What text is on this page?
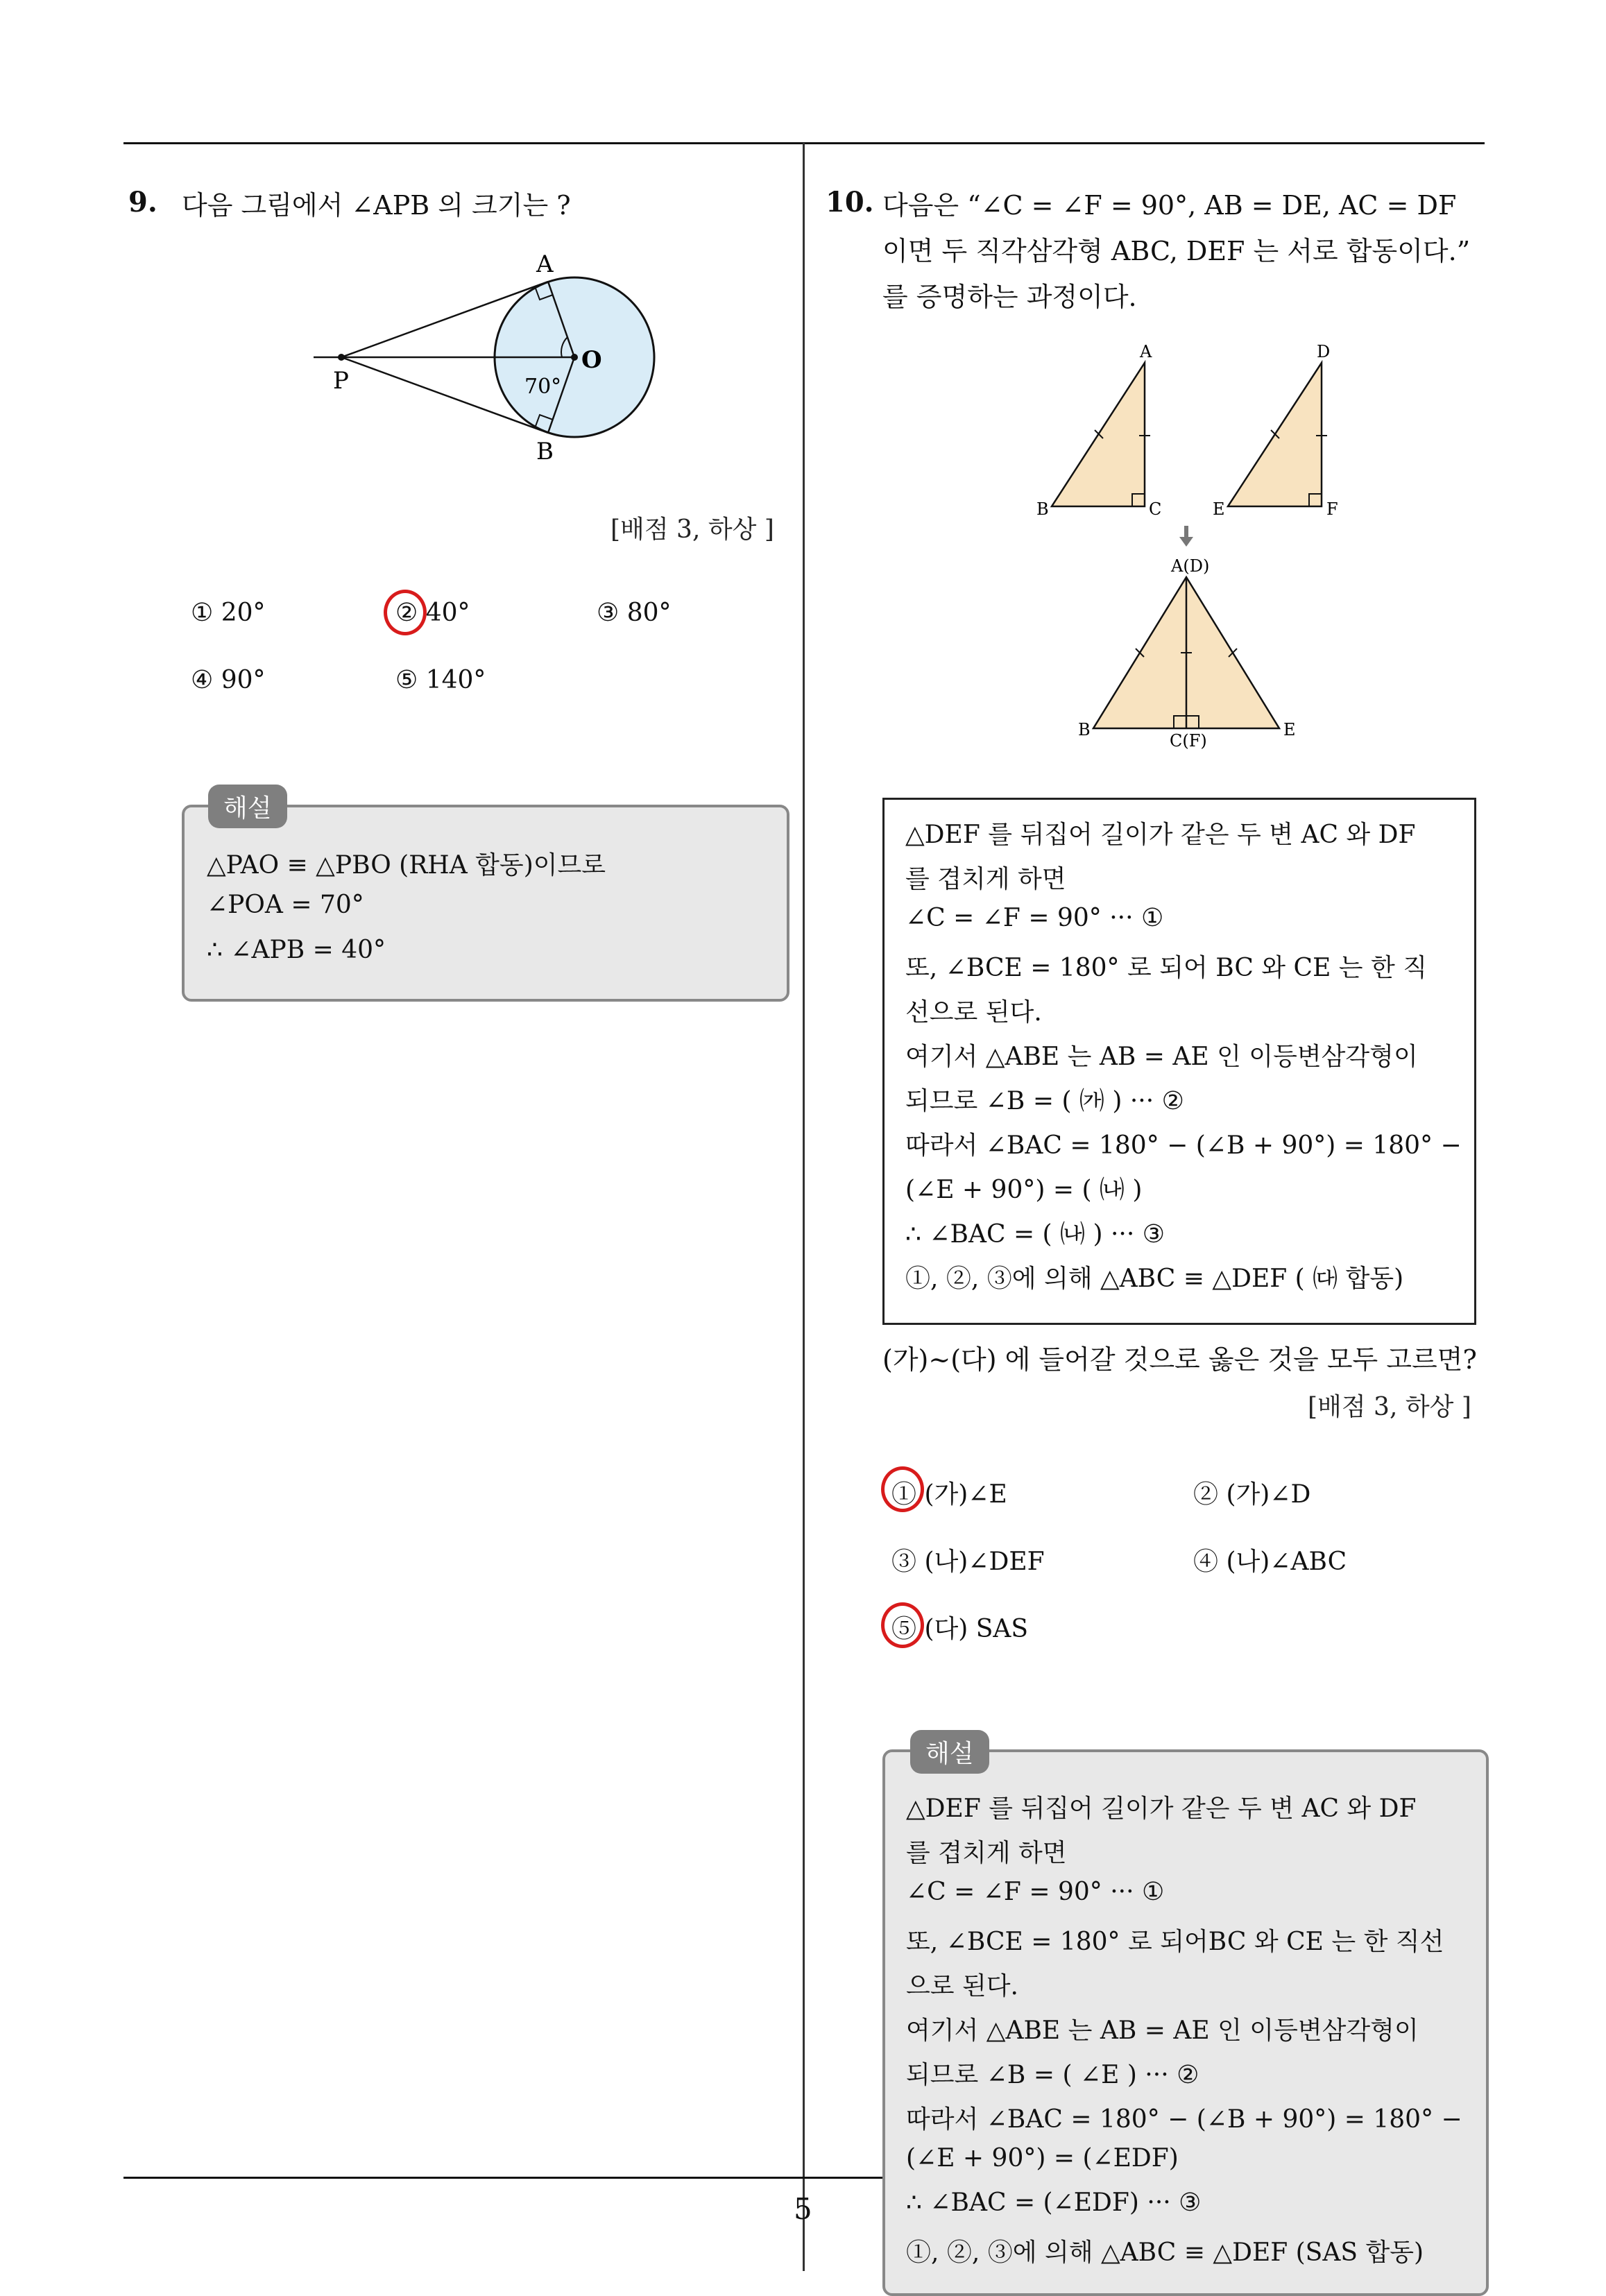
9. 다음 그림에서 ∠APB 의 크기는 ?
A
B
O
P	70°
[배점 3, 하상 ]
① 20°	② 40°	③ 80°
④ 90°	⑤ 140°
△PAO ≡ △PBO (RHA 합동)이므로
∠POA = 70°
∴ ∠APB = 40°
해설
10. 다음은 “∠C = ∠F = 90°, AB = DE, AC = DF
이면 두 직각삼각형 ABC, DEF 는 서로 합동이다.”
를 증명하는 과정이다.
A
B	C
D
E	F
A(D)
B
C(F)
E
△DEF 를 뒤집어 길이가 같은 두 변 AC 와 DF
를 겹치게 하면
∠C = ∠F = 90° ··· ①
또, ∠BCE = 180° 로 되어 BC 와 CE 는 한 직
선으로 된다.
여기서 △ABE 는 AB = AE 인 이등변삼각형이
되므로 ∠B = ( ㈎ ) ··· ②
따라서 ∠BAC = 180° − (∠B + 90°) = 180° −
(∠E + 90°) = ( ㈏ )
∴ ∠BAC = ( ㈏ ) ··· ③
①, ②, ③에 의해 △ABC ≡ △DEF ( ㈐ 합동)
(가)~(다) 에 들어갈 것으로 옳은 것을 모두 고르면?
[배점 3, 하상 ]
① (가)∠E	② (가)∠D
③ (나)∠DEF	④ (나)∠ABC
⑤ (다) SAS
△DEF 를 뒤집어 길이가 같은 두 변 AC 와 DF
를 겹치게 하면
∠C = ∠F = 90° ··· ①
또, ∠BCE = 180° 로 되어BC 와 CE 는 한 직선
으로 된다.
여기서 △ABE 는 AB = AE 인 이등변삼각형이
되므로 ∠B = ( ∠E ) ··· ②
따라서 ∠BAC = 180° − (∠B + 90°) = 180° −
(∠E + 90°) = (∠EDF)
∴ ∠BAC = (∠EDF) ··· ③
①, ②, ③에 의해 △ABC ≡ △DEF (SAS 합동)
해설
5
